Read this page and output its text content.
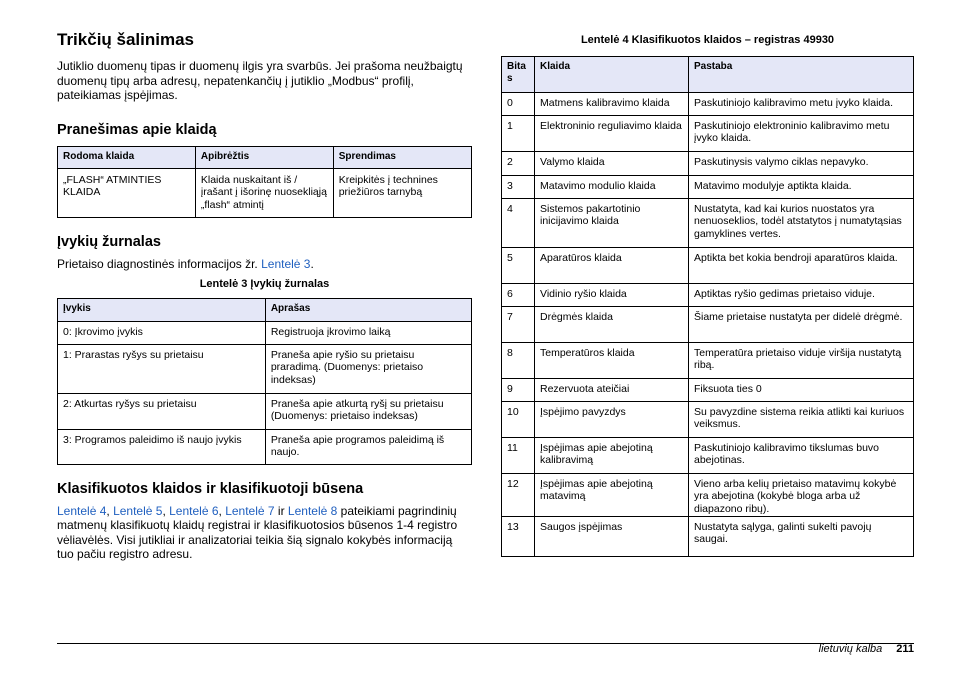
Trikčių šalinimas

Jutiklio duomenų tipas ir duomenų ilgis yra svarbūs. Jei prašoma neužbaigtų duomenų tipų arba adresų, nepatenkančių į jutiklio „Modbus“ profilį, pateikiamas įspėjimas.

Pranešimas apie klaidą
Rodoma klaida	Apibrėžtis	Sprendimas
„FLASH“ ATMINTIES KLAIDA	Klaida nuskaitant iš / įrašant į išorinę nuosekliąją „flash“ atmintį	Kreipkitės į technines priežiūros tarnybą
Įvykių žurnalas

Prietaiso diagnostinės informacijos žr. Lentelė 3.

Lentelė 3 Įvykių žurnalas

Įvykis	Aprašas
0: Įkrovimo įvykis	Registruoja įkrovimo laiką
1: Prarastas ryšys su prietaisu	Praneša apie ryšio su prietaisu praradimą. (Duomenys: prietaiso indeksas)
2: Atkurtas ryšys su prietaisu	Praneša apie atkurtą ryšį su prietaisu (Duomenys: prietaiso indeksas)
3: Programos paleidimo iš naujo įvykis	Praneša apie programos paleidimą iš naujo.
Klasifikuotos klaidos ir klasifikuotoji būsena

Lentelė 4, Lentelė 5, Lentelė 6, Lentelė 7 ir Lentelė 8 pateikiami pagrindinių matmenų klasifikuotų klaidų registrai ir klasifikuotosios būsenos 1-4 registro vėliavėlės. Visi jutikliai ir analizatoriai teikia šią signalo kokybės informaciją tuo pačiu registro adresu.

Lentelė 4 Klasifikuotos klaidos – registras 49930

Bitas	Klaida	Pastaba
0	Matmens kalibravimo klaida	Paskutiniojo kalibravimo metu įvyko klaida.
1	Elektroninio reguliavimo klaida	Paskutiniojo elektroninio kalibravimo metu įvyko klaida.
2	Valymo klaida	Paskutinysis valymo ciklas nepavyko.
3	Matavimo modulio klaida	Matavimo modulyje aptikta klaida.
4	Sistemos pakartotinio inicijavimo klaida	Nustatyta, kad kai kurios nuostatos yra nenuoseklios, todėl atstatytos į numatytąsias gamyklines vertes.
5	Aparatūros klaida	Aptikta bet kokia bendroji aparatūros klaida.
6	Vidinio ryšio klaida	Aptiktas ryšio gedimas prietaiso viduje.
7	Drėgmės klaida	Šiame prietaise nustatyta per didelė drėgmė.
8	Temperatūros klaida	Temperatūra prietaiso viduje viršija nustatytą ribą.
9	Rezervuota ateičiai	Fiksuota ties 0
10	Įspėjimo pavyzdys	Su pavyzdine sistema reikia atlikti kai kuriuos veiksmus.
11	Įspėjimas apie abejotiną kalibravimą	Paskutiniojo kalibravimo tikslumas buvo abejotinas.
12	Įspėjimas apie abejotiną matavimą	Vieno arba kelių prietaiso matavimų kokybė yra abejotina (kokybė bloga arba už diapazono ribų).
13	Saugos įspėjimas	Nustatyta sąlyga, galinti sukelti pavojų saugai.
lietuvių kalba 211
